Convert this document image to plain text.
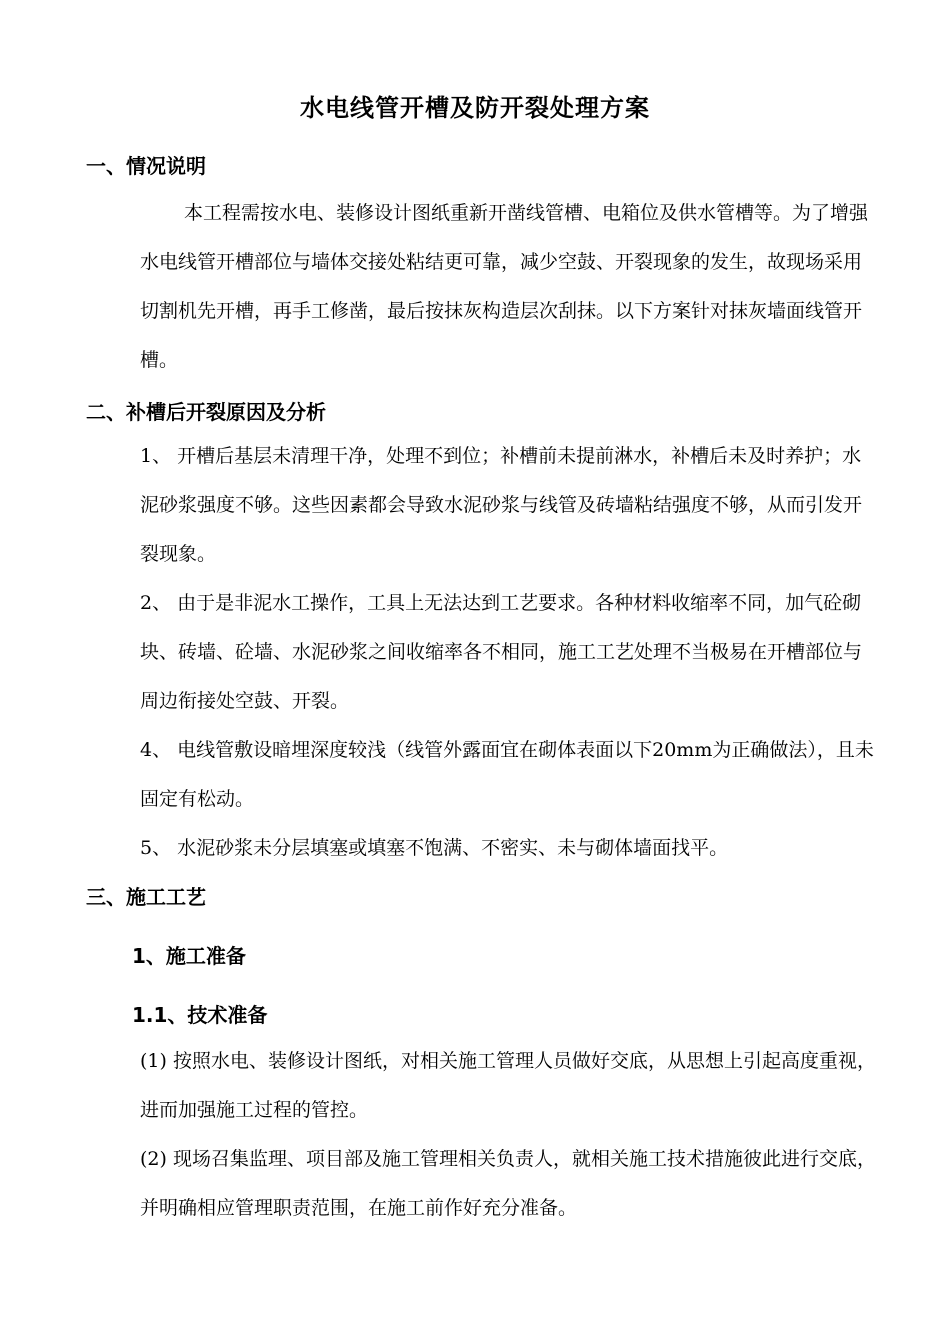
水电线管开槽及防开裂处理方案
一、情况说明

本工程需按水电、装修设计图纸重新开凿线管槽、电箱位及供水管槽等。为了增强水电线管开槽部位与墙体交接处粘结更可靠，减少空鼓、开裂现象的发生，故现场采用切割机先开槽，再手工修凿，最后按抹灰构造层次刮抹。以下方案针对抹灰墙面线管开槽。

二、补槽后开裂原因及分析

1、 开槽后基层未清理干净，处理不到位；补槽前未提前淋水，补槽后未及时养护；水泥砂浆强度不够。这些因素都会导致水泥砂浆与线管及砖墙粘结强度不够，从而引发开裂现象。

2、 由于是非泥水工操作，工具上无法达到工艺要求。各种材料收缩率不同，加气砼砌块、砖墙、砼墙、水泥砂浆之间收缩率各不相同，施工工艺处理不当极易在开槽部位与周边衔接处空鼓、开裂。

4、 电线管敷设暗埋深度较浅（线管外露面宜在砌体表面以下20mm为正确做法），且未固定有松动。

5、 水泥砂浆未分层填塞或填塞不饱满、不密实、未与砌体墙面找平。

三、施工工艺
1、施工准备
1.1、技术准备

(1) 按照水电、装修设计图纸，对相关施工管理人员做好交底，从思想上引起高度重视，进而加强施工过程的管控。

(2) 现场召集监理、项目部及施工管理相关负责人，就相关施工技术措施彼此进行交底，并明确相应管理职责范围，在施工前作好充分准备。
